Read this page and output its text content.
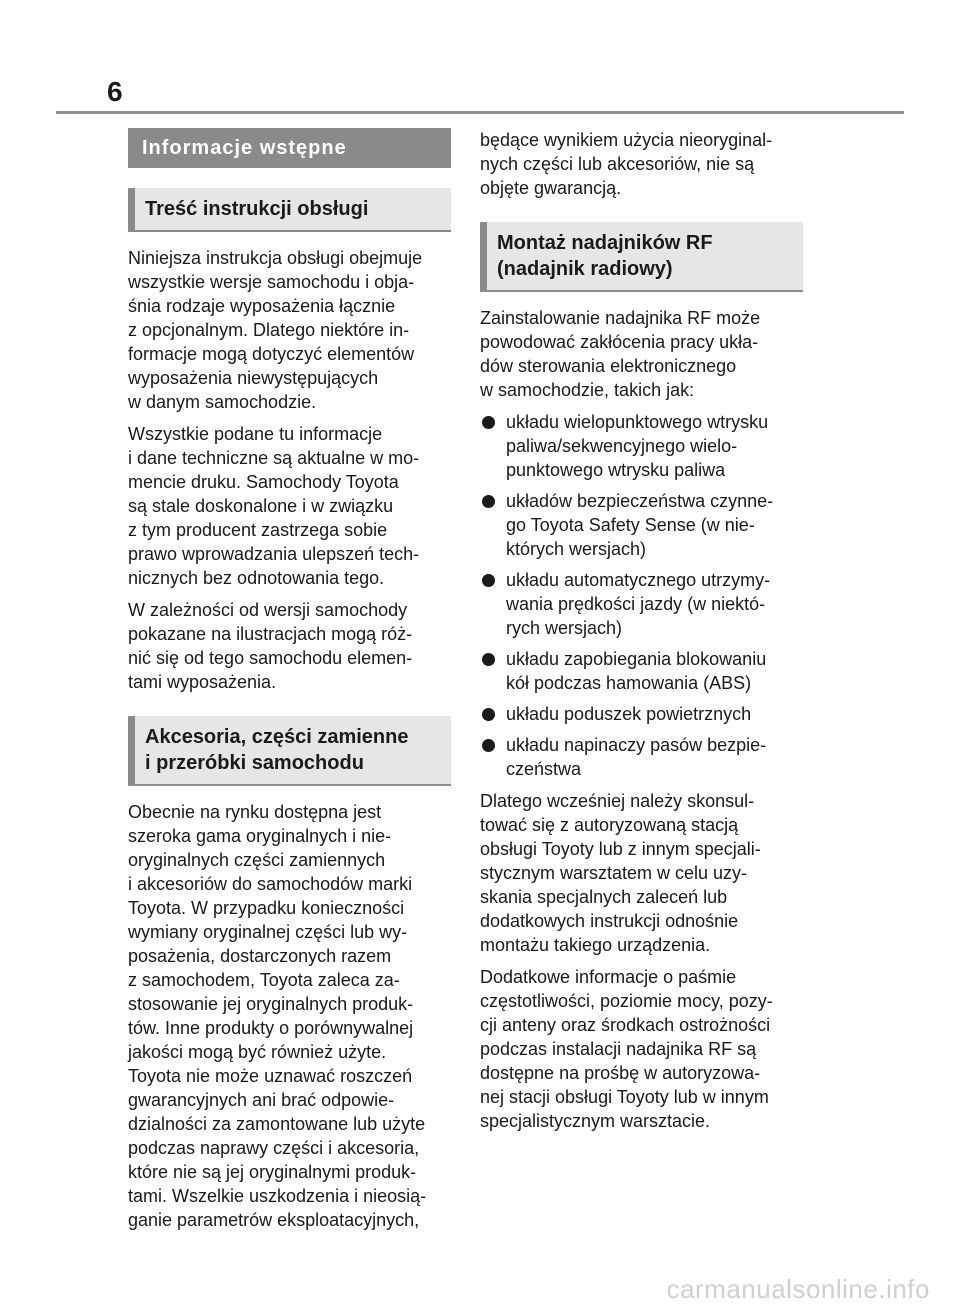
6
Informacje wstępne
Treść instrukcji obsługi

Niniejsza instrukcja obsługi obejmuje
wszystkie wersje samochodu i obja-
śnia rodzaje wyposażenia łącznie
z opcjonalnym. Dlatego niektóre in-
formacje mogą dotyczyć elementów
wyposażenia niewystępujących
w danym samochodzie.

Wszystkie podane tu informacje
i dane techniczne są aktualne w mo-
mencie druku. Samochody Toyota
są stale doskonalone i w związku
z tym producent zastrzega sobie
prawo wprowadzania ulepszeń tech-
nicznych bez odnotowania tego.

W zależności od wersji samochody
pokazane na ilustracjach mogą róż-
nić się od tego samochodu elemen-
tami wyposażenia.

Akcesoria, części zamienne
i przeróbki samochodu

Obecnie na rynku dostępna jest
szeroka gama oryginalnych i nie-
oryginalnych części zamiennych
i akcesoriów do samochodów marki
Toyota. W przypadku konieczności
wymiany oryginalnej części lub wy-
posażenia, dostarczonych razem
z samochodem, Toyota zaleca za-
stosowanie jej oryginalnych produk-
tów. Inne produkty o porównywalnej
jakości mogą być również użyte.
Toyota nie może uznawać roszczeń
gwarancyjnych ani brać odpowie-
dzialności za zamontowane lub użyte
podczas naprawy części i akcesoria,
które nie są jej oryginalnymi produk-
tami. Wszelkie uszkodzenia i nieosią-
ganie parametrów eksploatacyjnych,

będące wynikiem użycia nieoryginal-
nych części lub akcesoriów, nie są
objęte gwarancją.

Montaż nadajników RF
(nadajnik radiowy)

Zainstalowanie nadajnika RF może
powodować zakłócenia pracy ukła-
dów sterowania elektronicznego
w samochodzie, takich jak:

układu wielopunktowego wtrysku
paliwa/sekwencyjnego wielo-
punktowego wtrysku paliwa
układów bezpieczeństwa czynne-
go Toyota Safety Sense (w nie-
których wersjach)
układu automatycznego utrzymy-
wania prędkości jazdy (w niektó-
rych wersjach)
układu zapobiegania blokowaniu
kół podczas hamowania (ABS)
układu poduszek powietrznych
układu napinaczy pasów bezpie-
czeństwa

Dlatego wcześniej należy skonsul-
tować się z autoryzowaną stacją
obsługi Toyoty lub z innym specjali-
stycznym warsztatem w celu uzy-
skania specjalnych zaleceń lub
dodatkowych instrukcji odnośnie
montażu takiego urządzenia.

Dodatkowe informacje o paśmie
częstotliwości, poziomie mocy, pozy-
cji anteny oraz środkach ostrożności
podczas instalacji nadajnika RF są
dostępne na prośbę w autoryzowa-
nej stacji obsługi Toyoty lub w innym
specjalistycznym warsztacie.

carmanualsonline.info
